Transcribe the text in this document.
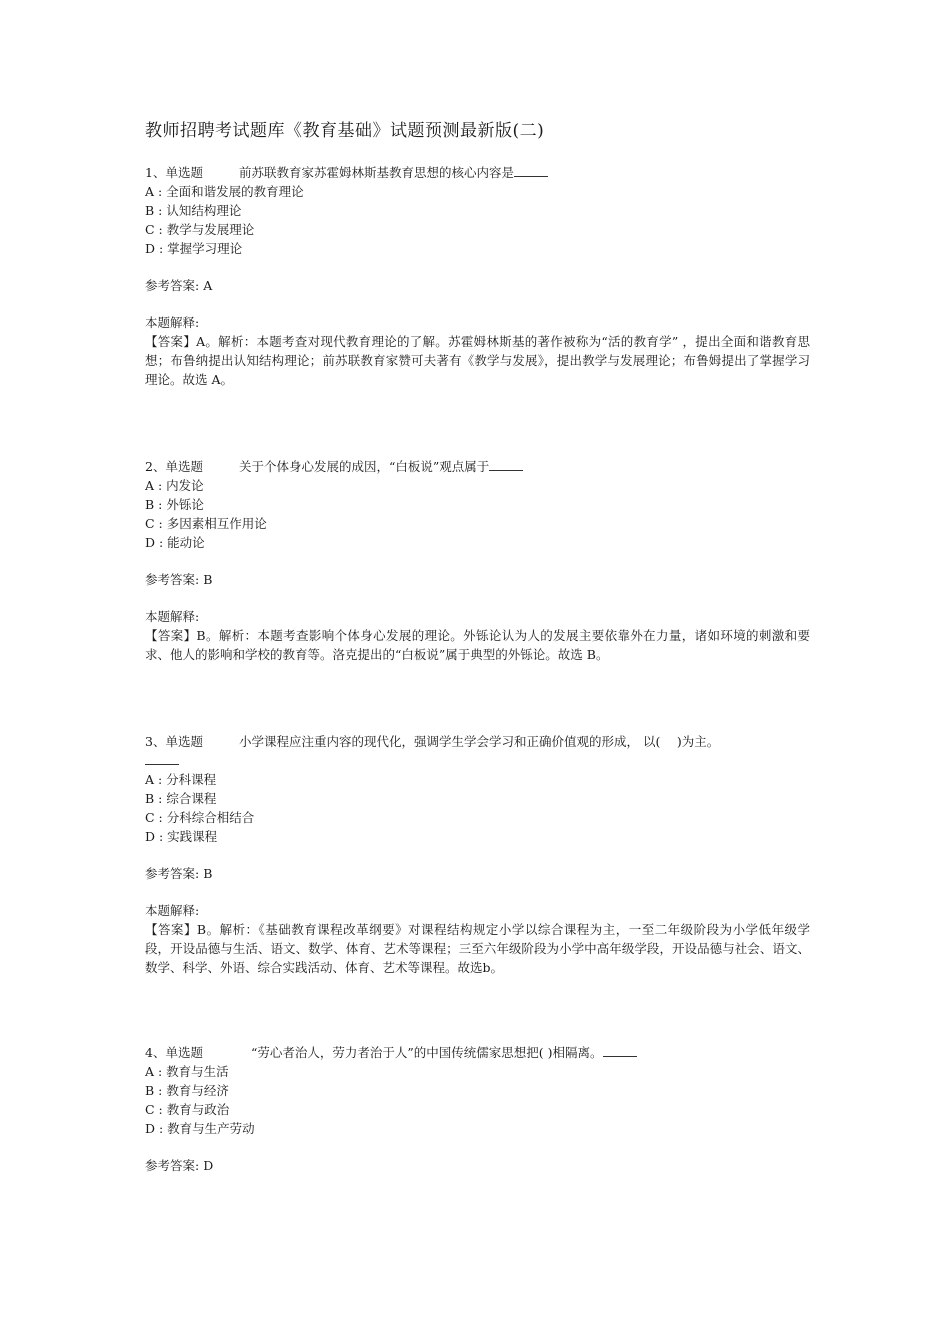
教师招聘考试题库《教育基础》试题预测最新版(二)
1、单选题	前苏联教育家苏霍姆林斯基教育思想的核心内容是
A : 全面和谐发展的教育理论
B : 认知结构理论
C : 教学与发展理论
D : 掌握学习理论
参考答案: A
本题解释:
【答案】A。解析：本题考查对现代教育理论的了解。苏霍姆林斯基的著作被称为“活的教育学” ，提出全面和谐教育思想；布鲁纳提出认知结构理论；前苏联教育家赞可夫著有《教学与发展》，提出教学与发展理论；布鲁姆提出了掌握学习理论。故选 A。
2、单选题	关于个体身心发展的成因，“白板说”观点属于
A : 内发论
B : 外铄论
C : 多因素相互作用论
D : 能动论
参考答案: B
本题解释:
【答案】B。解析：本题考查影响个体身心发展的理论。外铄论认为人的发展主要依靠外在力量，诸如环境的刺激和要求、他人的影响和学校的教育等。洛克提出的“白板说”属于典型的外铄论。故选 B。
3、单选题	小学课程应注重内容的现代化，强调学生学会学习和正确价值观的形成， 以(　 )为主。
A : 分科课程
B : 综合课程
C : 分科综合相结合
D : 实践课程
参考答案: B
本题解释:
【答案】B。解析：《基础教育课程改革纲要》对课程结构规定小学以综合课程为主，一至二年级阶段为小学低年级学段，开设品德与生活、语文、数学、体育、艺术等课程；三至六年级阶段为小学中高年级学段，开设品德与社会、语文、数学、科学、外语、综合实践活动、体育、艺术等课程。故选b。
4、单选题	“劳心者治人，劳力者治于人”的中国传统儒家思想把( )相隔离。
A : 教育与生活
B : 教育与经济
C : 教育与政治
D : 教育与生产劳动
参考答案: D
